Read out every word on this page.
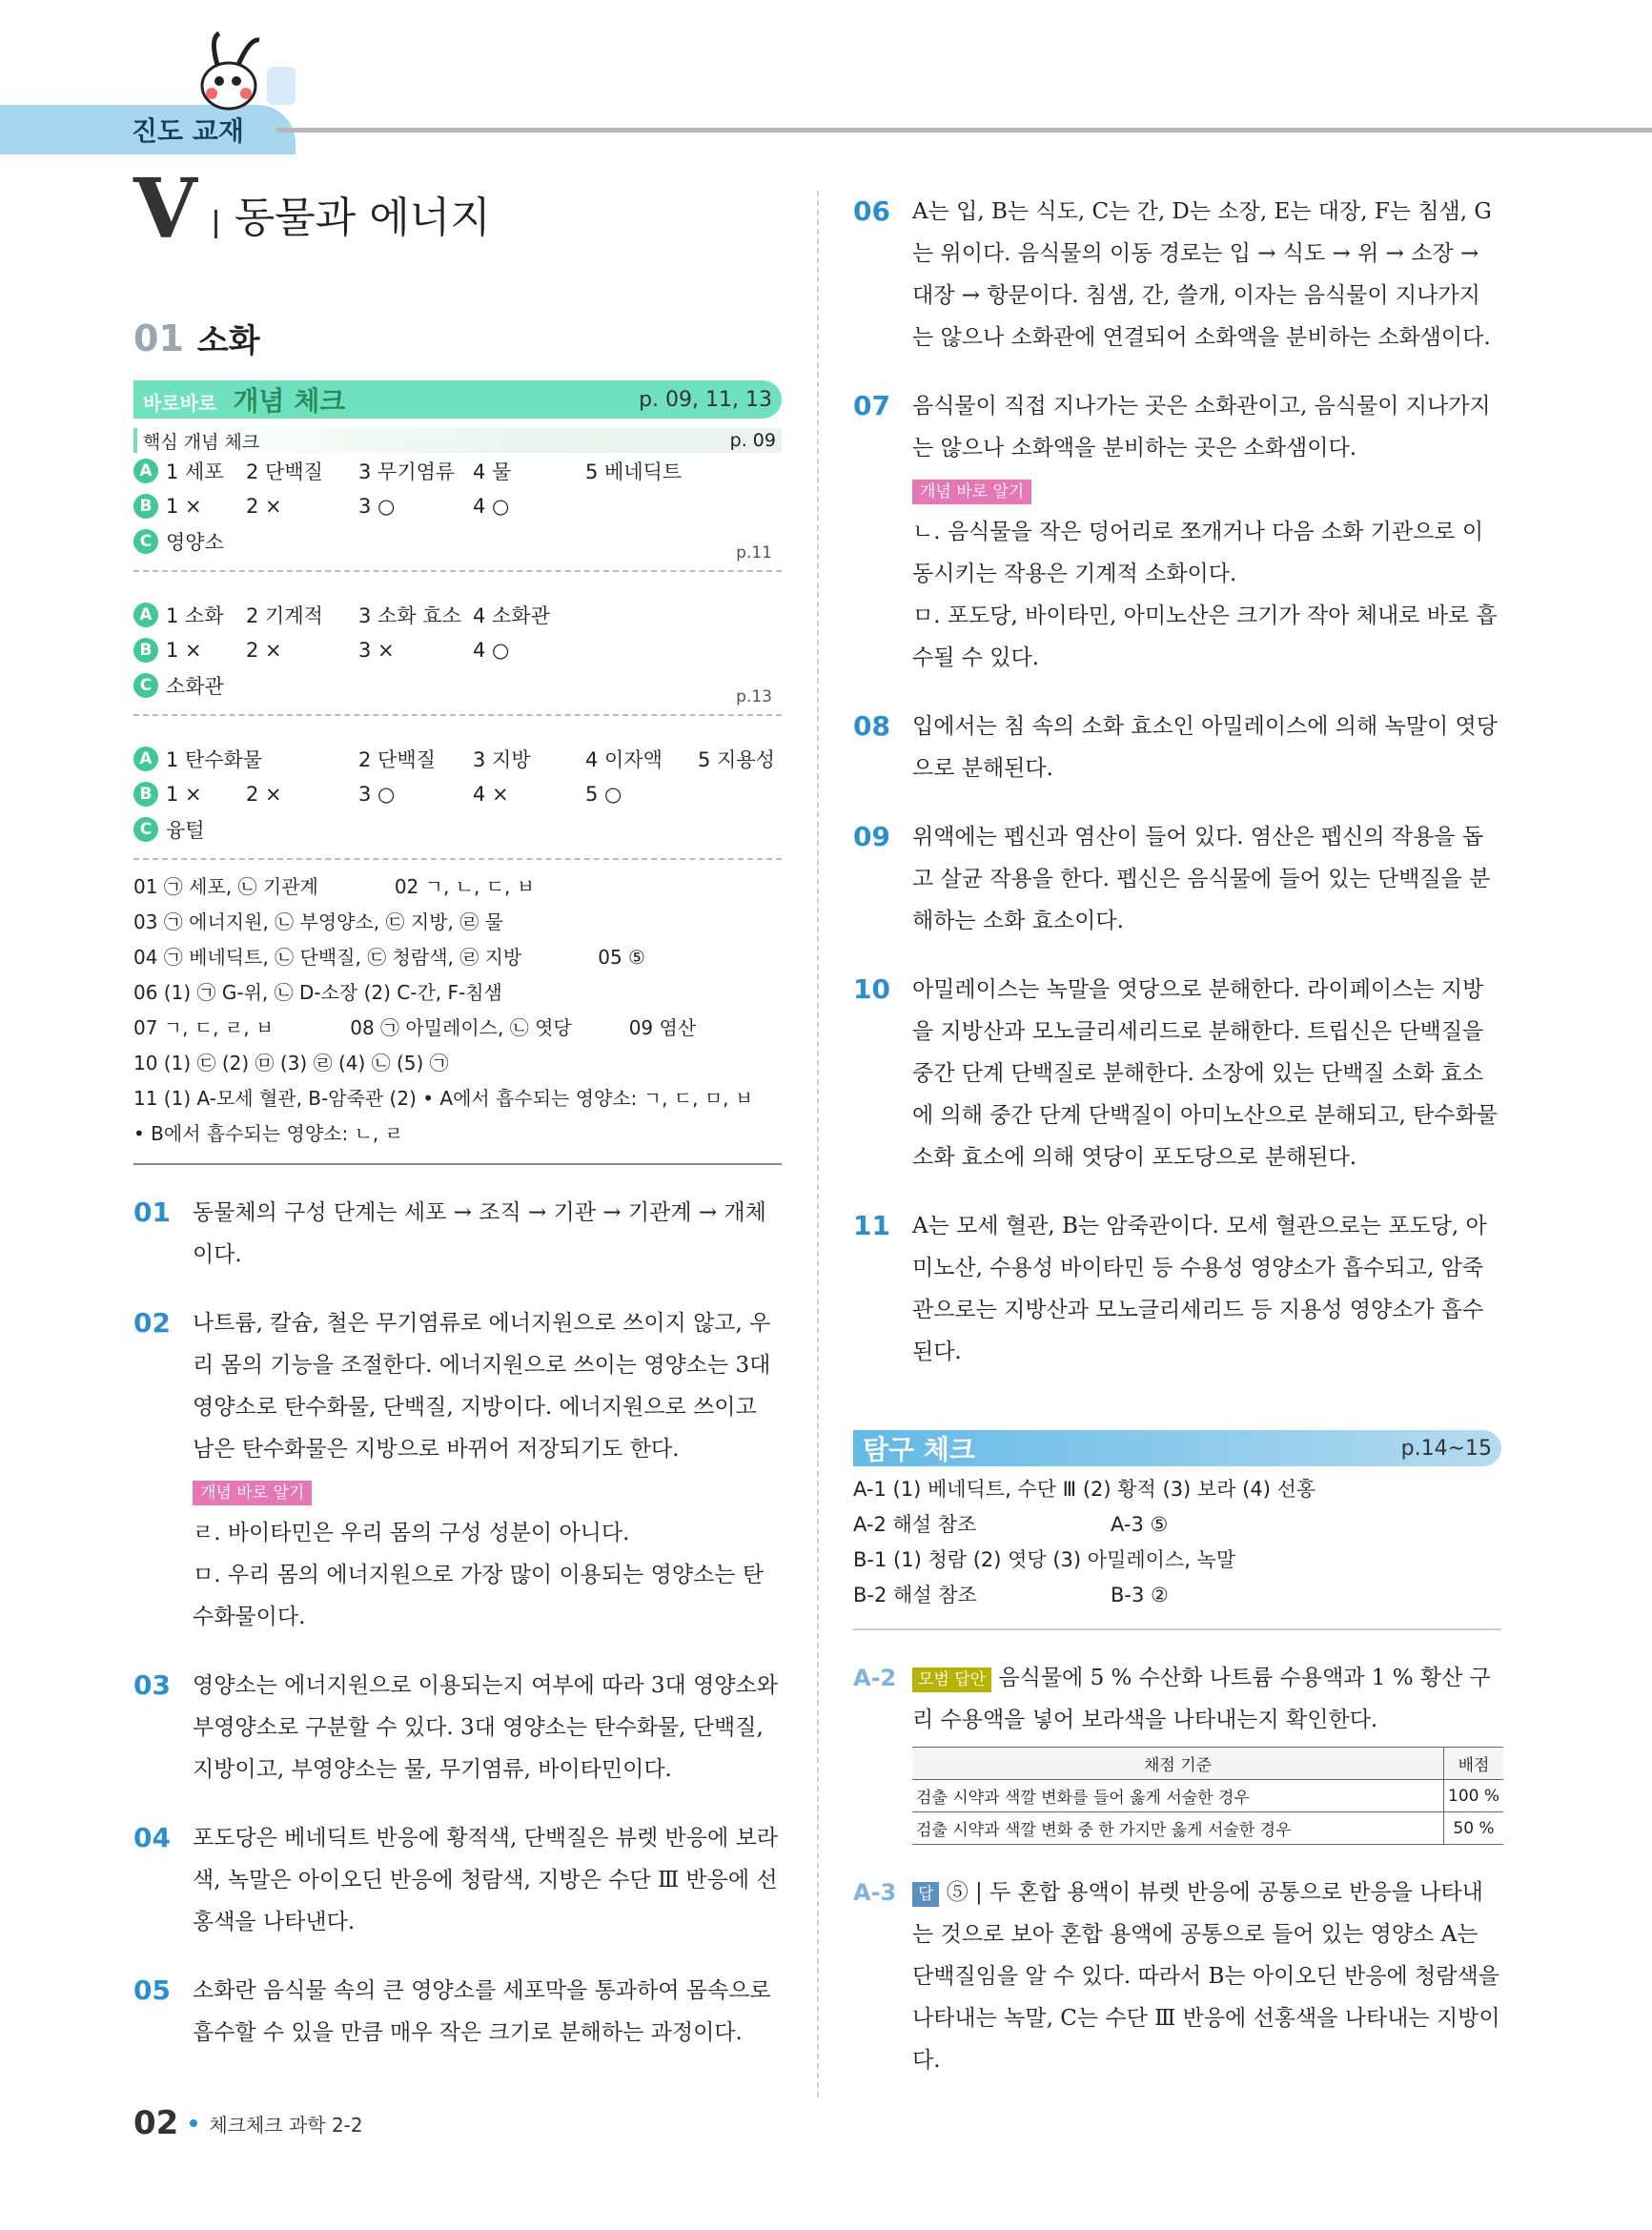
진도 교재
V 동물과 에너지
01 소화
바로바로 개념 체크	p. 09, 11, 13
핵심 개념 체크	p. 09
A 1 세포	2 단백질	3 무기염류 4 물	5 베네딕트
B 1 ×	2 ×	3 ○	4 ○
C 영양소	p.11
A 1 소화	2 기계적	3 소화 효소 4 소화관
B 1 ×	2 ×	3 ×	4 ○
C 소화관	p.13
A 1 탄수화물	2 단백질	3 지방	4 이자액	5 지용성
B 1 ×	2 ×	3 ○	4 ×	5 ○
C 융털
01 ㉠ 세포, ㉡ 기관계　　　　02 ㄱ, ㄴ, ㄷ, ㅂ
03 ㉠ 에너지원, ㉡ 부영양소, ㉢ 지방, ㉣ 물
04 ㉠ 베네딕트, ㉡ 단백질, ㉢ 청람색, ㉣ 지방　　　　05 ⑤
06 (1) ㉠ G-위, ㉡ D-소장 (2) C-간, F-침샘
07 ㄱ, ㄷ, ㄹ, ㅂ　　　　08 ㉠ 아밀레이스, ㉡ 엿당　　　09 염산
10 (1) ㉢ (2) ㉤ (3) ㉣ (4) ㉡ (5) ㉠
11 (1) A-모세 혈관, B-암죽관 (2) • A에서 흡수되는 영양소: ㄱ, ㄷ, ㅁ, ㅂ
• B에서 흡수되는 영양소: ㄴ, ㄹ
01	동물체의 구성 단계는 세포 → 조직 → 기관 → 기관계 → 개체이다.
02	나트륨, 칼슘, 철은 무기염류로 에너지원으로 쓰이지 않고, 우리 몸의 기능을 조절한다. 에너지원으로 쓰이는 영양소는 3대 영양소로 탄수화물, 단백질, 지방이다. 에너지원으로 쓰이고 남은 탄수화물은 지방으로 바뀌어 저장되기도 한다.
개념 바로 알기
ㄹ. 바이타민은 우리 몸의 구성 성분이 아니다.
ㅁ. 우리 몸의 에너지원으로 가장 많이 이용되는 영양소는 탄수화물이다.
03	영양소는 에너지원으로 이용되는지 여부에 따라 3대 영양소와 부영양소로 구분할 수 있다. 3대 영양소는 탄수화물, 단백질, 지방이고, 부영양소는 물, 무기염류, 바이타민이다.
04	포도당은 베네딕트 반응에 황적색, 단백질은 뷰렛 반응에 보라색, 녹말은 아이오딘 반응에 청람색, 지방은 수단 Ⅲ 반응에 선홍색을 나타낸다.
05	소화란 음식물 속의 큰 영양소를 세포막을 통과하여 몸속으로 흡수할 수 있을 만큼 매우 작은 크기로 분해하는 과정이다.
06	A는 입, B는 식도, C는 간, D는 소장, E는 대장, F는 침샘, G는 위이다. 음식물의 이동 경로는 입 → 식도 → 위 → 소장 → 대장 → 항문이다. 침샘, 간, 쓸개, 이자는 음식물이 지나가지는 않으나 소화관에 연결되어 소화액을 분비하는 소화샘이다.
07	음식물이 직접 지나가는 곳은 소화관이고, 음식물이 지나가지는 않으나 소화액을 분비하는 곳은 소화샘이다.
개념 바로 알기
ㄴ. 음식물을 작은 덩어리로 쪼개거나 다음 소화 기관으로 이동시키는 작용은 기계적 소화이다.
ㅁ. 포도당, 바이타민, 아미노산은 크기가 작아 체내로 바로 흡수될 수 있다.
08	입에서는 침 속의 소화 효소인 아밀레이스에 의해 녹말이 엿당으로 분해된다.
09	위액에는 펩신과 염산이 들어 있다. 염산은 펩신의 작용을 돕고 살균 작용을 한다. 펩신은 음식물에 들어 있는 단백질을 분해하는 소화 효소이다.
10	아밀레이스는 녹말을 엿당으로 분해한다. 라이페이스는 지방을 지방산과 모노글리세리드로 분해한다. 트립신은 단백질을 중간 단계 단백질로 분해한다. 소장에 있는 단백질 소화 효소에 의해 중간 단계 단백질이 아미노산으로 분해되고, 탄수화물 소화 효소에 의해 엿당이 포도당으로 분해된다.
11	A는 모세 혈관, B는 암죽관이다. 모세 혈관으로는 포도당, 아미노산, 수용성 바이타민 등 수용성 영양소가 흡수되고, 암죽관으로는 지방산과 모노글리세리드 등 지용성 영양소가 흡수된다.
탐구 체크	p.14~15
A-1 (1) 베네딕트, 수단 Ⅲ (2) 황적 (3) 보라 (4) 선홍
A-2 해설 참조	A-3 ⑤
B-1 (1) 청람 (2) 엿당 (3) 아밀레이스, 녹말
B-2 해설 참조	B-3 ②
A-2	모범 답안 음식물에 5 % 수산화 나트륨 수용액과 1 % 황산 구리 수용액을 넣어 보라색을 나타내는지 확인한다.
채점 기준	배점
검출 시약과 색깔 변화를 들어 옳게 서술한 경우	100 %
검출 시약과 색깔 변화 중 한 가지만 옳게 서술한 경우	50 %
A-3	답 ⑤ | 두 혼합 용액이 뷰렛 반응에 공통으로 반응을 나타내는 것으로 보아 혼합 용액에 공통으로 들어 있는 영양소 A는 단백질임을 알 수 있다. 따라서 B는 아이오딘 반응에 청람색을 나타내는 녹말, C는 수단 Ⅲ 반응에 선홍색을 나타내는 지방이다.
02 체크체크 과학 2-2
